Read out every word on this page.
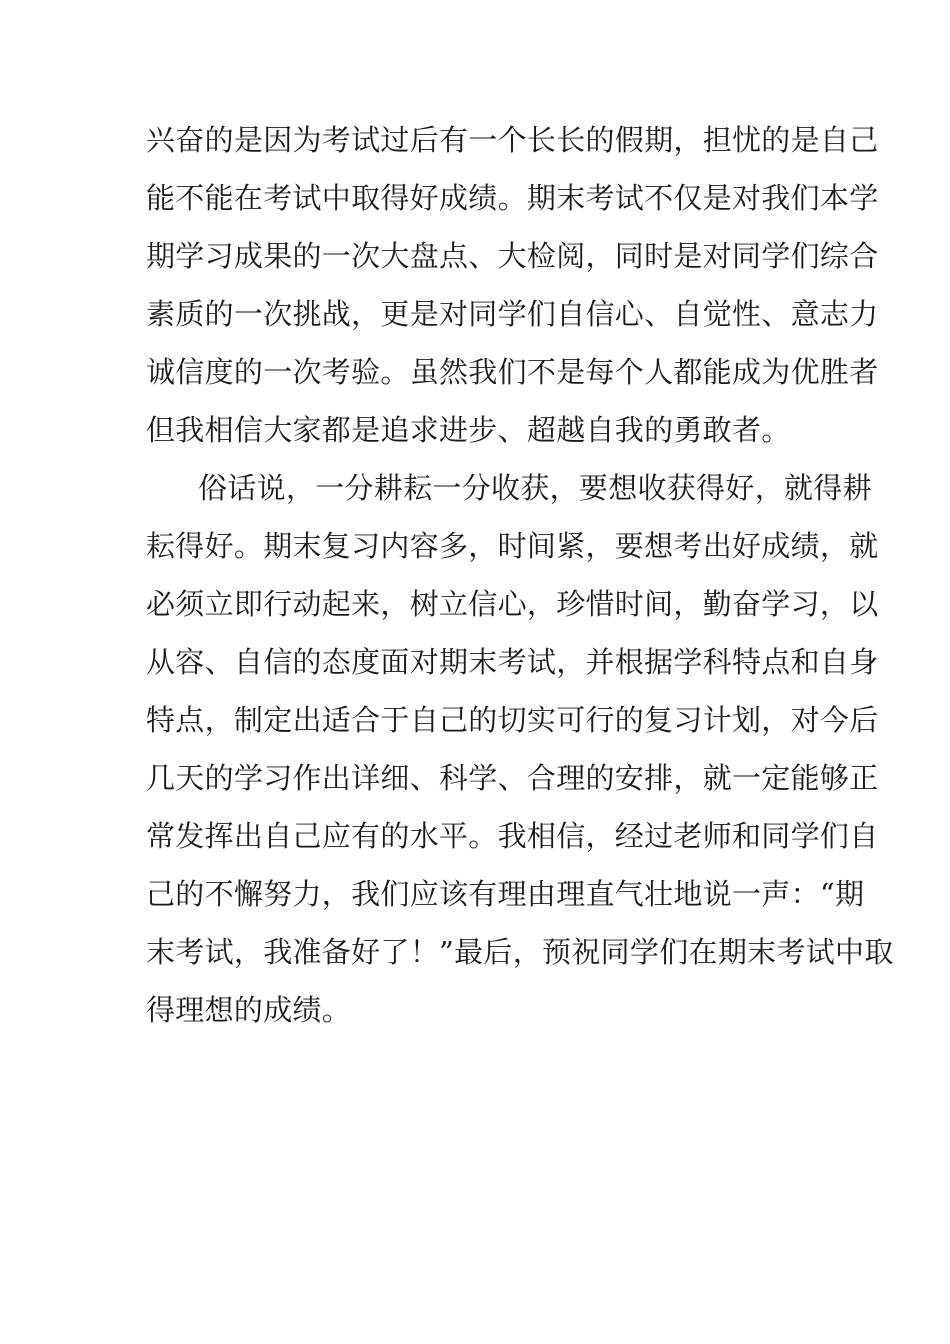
兴奋的是因为考试过后有一个长长的假期，担忧的是自己
能不能在考试中取得好成绩。期末考试不仅是对我们本学
期学习成果的一次大盘点、大检阅，同时是对同学们综合
素质的一次挑战，更是对同学们自信心、自觉性、意志力
诚信度的一次考验。虽然我们不是每个人都能成为优胜者
但我相信大家都是追求进步、超越自我的勇敢者。
俗话说，一分耕耘一分收获，要想收获得好，就得耕
耘得好。期末复习内容多，时间紧，要想考出好成绩，就
必须立即行动起来，树立信心，珍惜时间，勤奋学习，以
从容、自信的态度面对期末考试，并根据学科特点和自身
特点，制定出适合于自己的切实可行的复习计划，对今后
几天的学习作出详细、科学、合理的安排，就一定能够正
常发挥出自己应有的水平。我相信，经过老师和同学们自
己的不懈努力，我们应该有理由理直气壮地说一声：“期
末考试，我准备好了！”最后，预祝同学们在期末考试中取
得理想的成绩。
